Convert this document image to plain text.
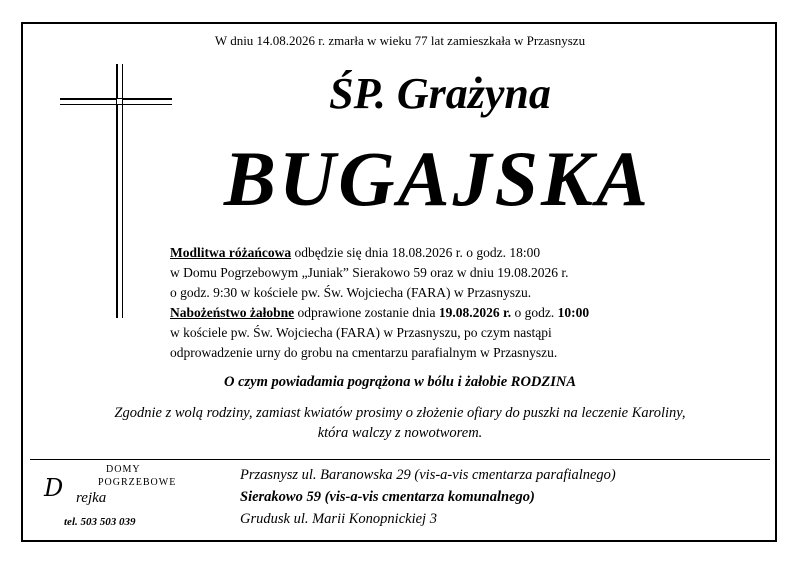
W dniu 14.08.2026 r. zmarła w wieku 77 lat zamieszkała w Przasnyszu
ŚP. Grażyna
BUGAJSKA
Modlitwa różańcowa odbędzie się dnia 18.08.2026 r. o godz. 18:00
w Domu Pogrzebowym „Juniak” Sierakowo 59 oraz w dniu 19.08.2026 r.
o godz. 9:30 w kościele pw. Św. Wojciecha (FARA) w Przasnyszu.
Nabożeństwo żałobne odprawione zostanie dnia 19.08.2026 r. o godz. 10:00
w kościele pw. Św. Wojciecha (FARA) w Przasnyszu, po czym nastąpi
odprowadzenie urny do grobu na cmentarzu parafialnym w Przasnyszu.
O czym powiadamia pogrążona w bólu i żałobie RODZINA
Zgodnie z wolą rodziny, zamiast kwiatów prosimy o złożenie ofiary do puszki na leczenie Karoliny,
która walczy z nowotworem.
DOMY
POGRZEBOWE
D rejka
tel. 503 503 039
Przasnysz ul. Baranowska 29 (vis-a-vis cmentarza parafialnego)
Sierakowo 59 (vis-a-vis cmentarza komunalnego)
Grudusk ul. Marii Konopnickiej 3
